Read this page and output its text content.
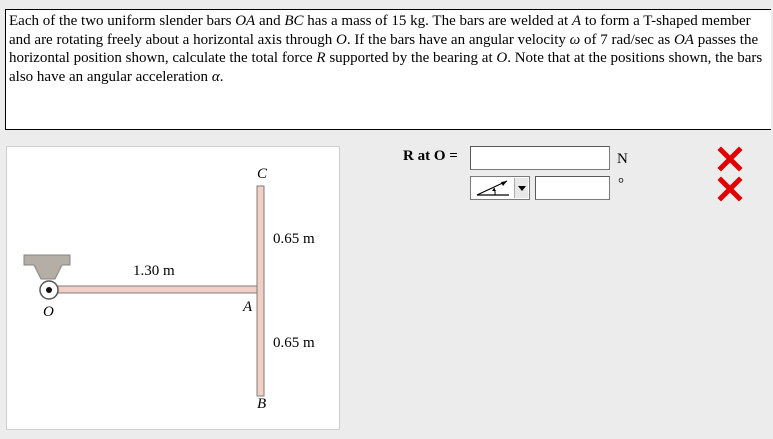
Each of the two uniform slender bars OA and BC has a mass of 15 kg. The bars are welded at A to form a T-shaped member and are rotating freely about a horizontal axis through O. If the bars have an angular velocity ω of 7 rad/sec as OA passes the horizontal position shown, calculate the total force R supported by the bearing at O. Note that at the positions shown, the bars also have an angular acceleration α.
C
0.65 m
1.30 m
O	A
0.65 m
B
R at O =	N
°
